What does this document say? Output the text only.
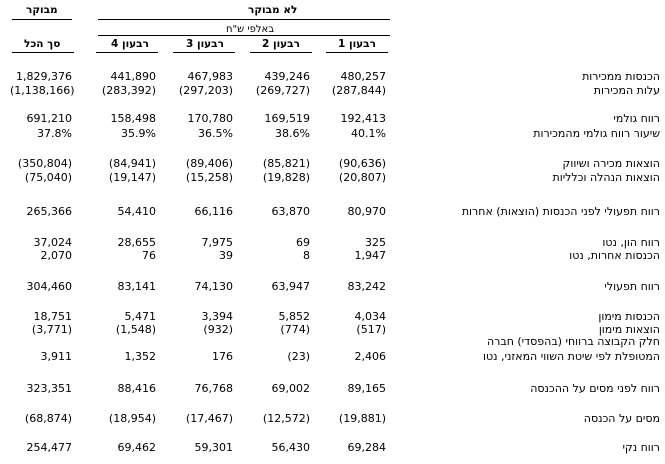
מבוקר	לא מבוקר
באלפי ש"ח
סך הכל	רבעון 4	רבעון 3	רבעון 2	רבעון 1
הכנסות ממכירות
1,829,376	441,890	467,983	439,246	480,257
עלות המכירות
(1,138,166)	(283,392)	(297,203)	(269,727)	(287,844)
רווח גולמי
691,210	158,498	170,780	169,519	192,413
שיעור רווח גולמי מהמכירות
37.8%	35.9%	36.5%	38.6%	40.1%
הוצאות מכירה ושיווק
(350,804)	(84,941)	(89,406)	(85,821)	(90,636)
הוצאות הנהלה וכלליות
(75,040)	(19,147)	(15,258)	(19,828)	(20,807)
רווח תפעולי לפני הכנסות (הוצאות) אחרות
265,366	54,410	66,116	63,870	80,970
רווח הון, נטו
37,024	28,655	7,975	69	325
הכנסות אחרות, נטו
2,070	76	39	8	1,947
רווח תפעולי
304,460	83,141	74,130	63,947	83,242
הכנסות מימון
18,751	5,471	3,394	5,852	4,034
הוצאות מימון
(3,771)	(1,548)	(932)	(774)	(517)
חלק הקבוצה ברווחי (בהפסדי) חברה
המטופלת לפי שיטת השווי המאזני, נטו
3,911	1,352	176	(23)	2,406
רווח לפני מסים על ההכנסה
323,351	88,416	76,768	69,002	89,165
מסים על הכנסה
(68,874)	(18,954)	(17,467)	(12,572)	(19,881)
רווח נקי
254,477	69,462	59,301	56,430	69,284
